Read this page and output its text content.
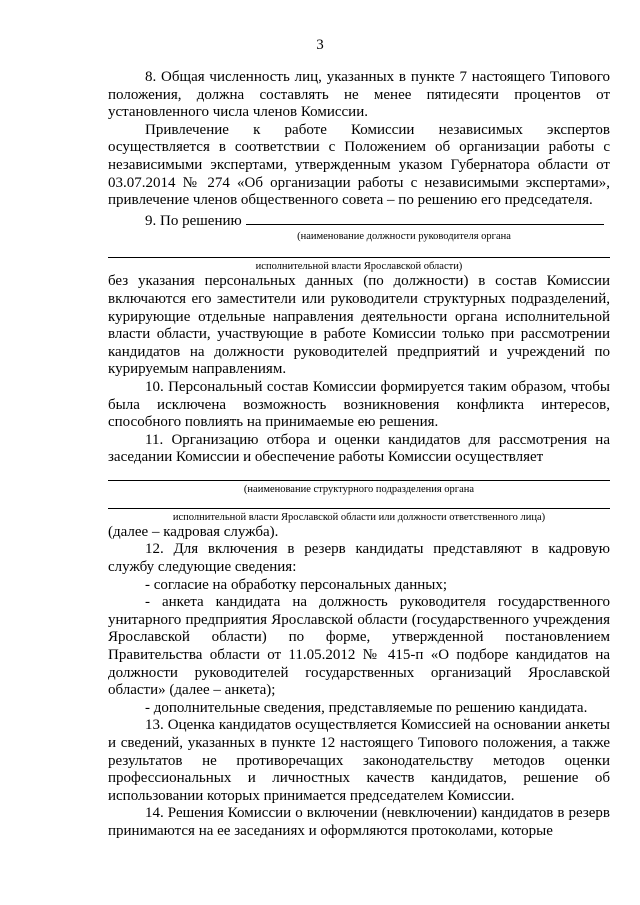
3

8. Общая численность лиц, указанных в пункте 7 настоящего Типового положения, должна составлять не менее пятидесяти процентов от установленного числа членов Комиссии.

Привлечение к работе Комиссии независимых экспертов осуществляется в соответствии с Положением об организации работы с независимыми экспертами, утвержденным указом Губернатора области от 03.07.2014 № 274 «Об организации работы с независимыми экспертами», привлечение членов общественного совета – по решению его председателя.

9. По решению

(наименование должности руководителя органа

исполнительной власти Ярославской области)

без указания персональных данных (по должности) в состав Комиссии включаются его заместители или руководители структурных подразделений, курирующие отдельные направления деятельности органа исполнительной власти области, участвующие в работе Комиссии только при рассмотрении кандидатов на должности руководителей предприятий и учреждений по курируемым направлениям.

10. Персональный состав Комиссии формируется таким образом, чтобы была исключена возможность возникновения конфликта интересов, способного повлиять на принимаемые ею решения.

11. Организацию отбора и оценки кандидатов для рассмотрения на заседании Комиссии и обеспечение работы Комиссии осуществляет

(наименование структурного подразделения органа

исполнительной власти Ярославской области или должности ответственного лица)

(далее – кадровая служба).

12. Для включения в резерв кандидаты представляют в кадровую службу следующие сведения:

- согласие на обработку персональных данных;

- анкета кандидата на должность руководителя государственного унитарного предприятия Ярославской области (государственного учреждения Ярославской области) по форме, утвержденной постановлением Правительства области от 11.05.2012 № 415-п «О подборе кандидатов на должности руководителей государственных организаций Ярославской области» (далее – анкета);

- дополнительные сведения, представляемые по решению кандидата.

13. Оценка кандидатов осуществляется Комиссией на основании анкеты и сведений, указанных в пункте 12 настоящего Типового положения, а также результатов не противоречащих законодательству методов оценки профессиональных и личностных качеств кандидатов, решение об использовании которых принимается председателем Комиссии.

14. Решения Комиссии о включении (невключении) кандидатов в резерв принимаются на ее заседаниях и оформляются протоколами, которые
